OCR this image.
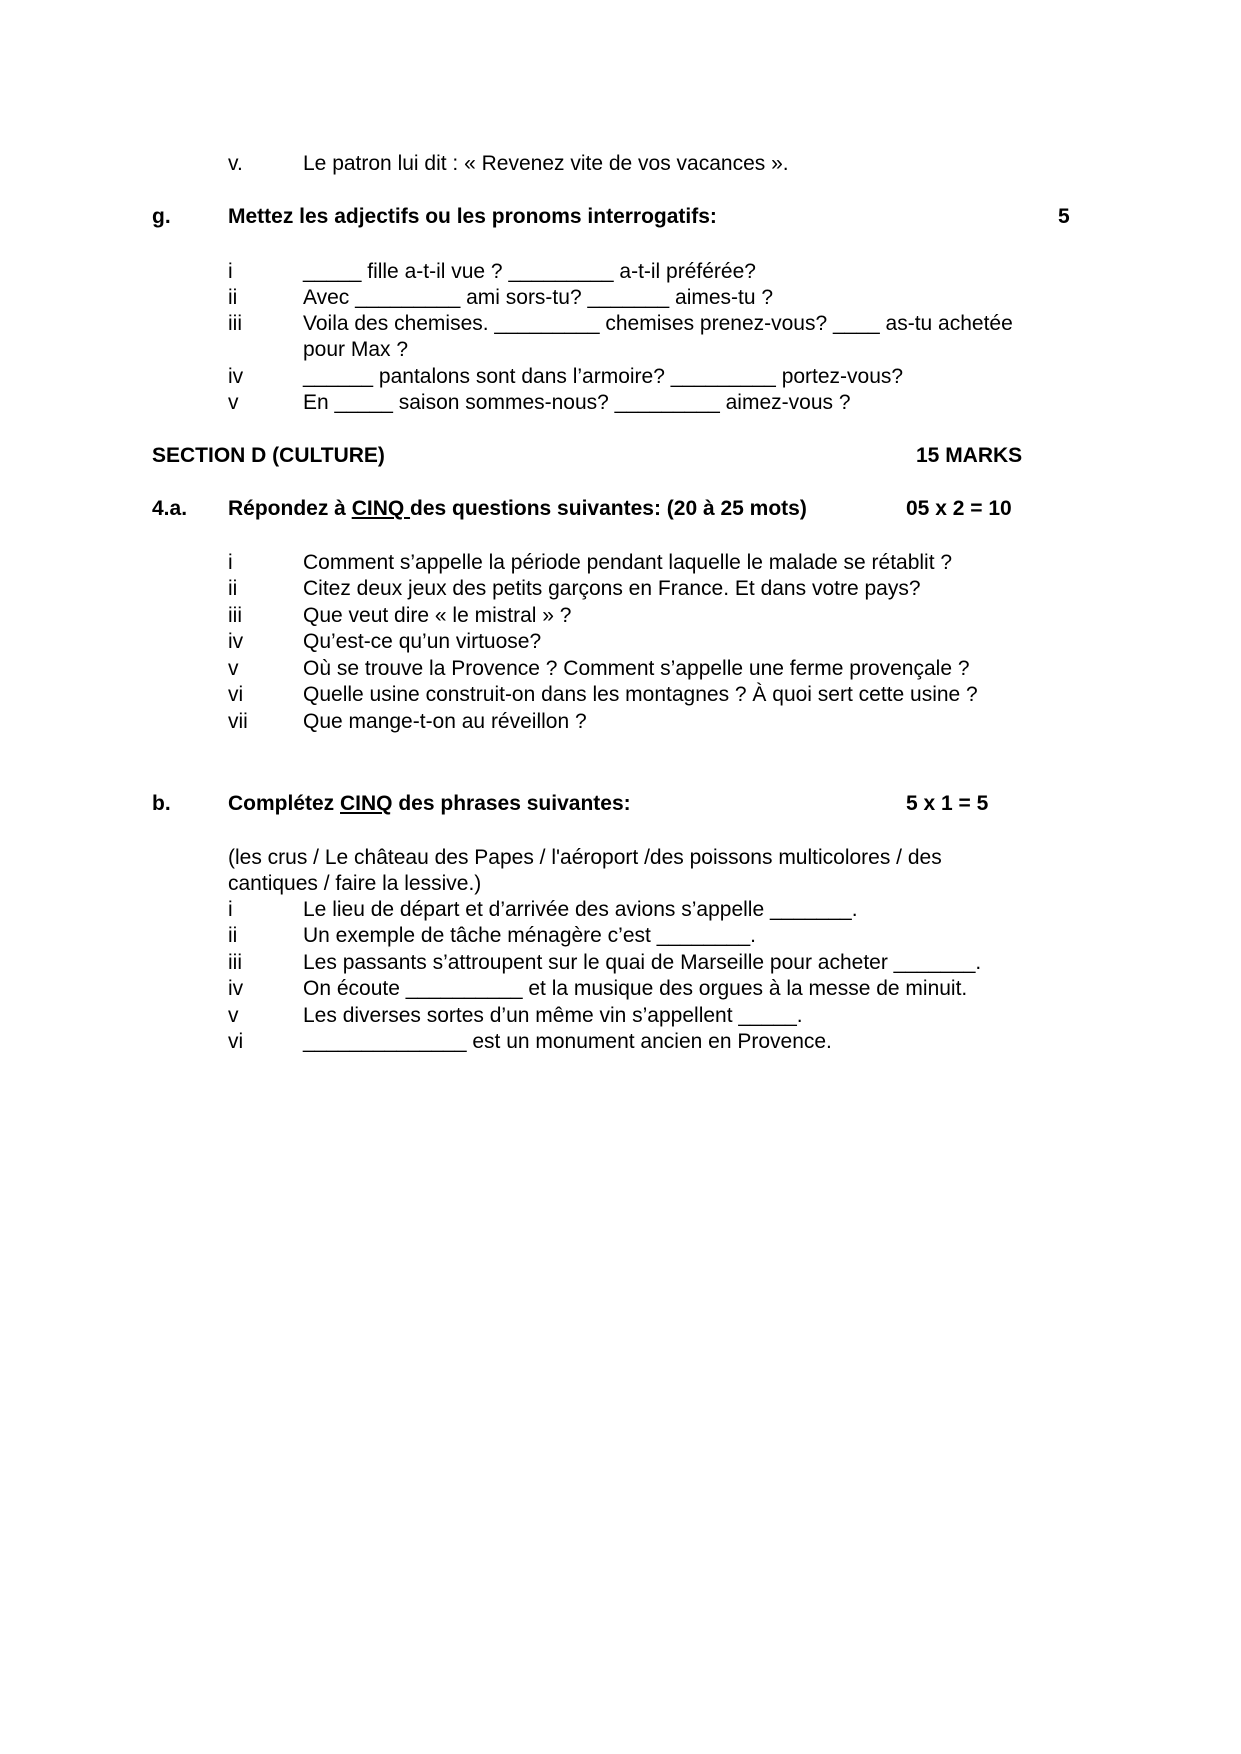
v.	Le patron lui dit : « Revenez vite de vos vacances ».
g.	Mettez les adjectifs ou les pronoms interrogatifs:	5
i	_____ fille a-t-il vue ? _________ a-t-il préférée?
ii	Avec _________ ami sors-tu? _______ aimes-tu ?
iii	Voila des chemises. _________ chemises prenez-vous? ____ as-tu achetée
pour Max ?
iv	______ pantalons sont dans l’armoire? _________ portez-vous?
v	En _____ saison sommes-nous? _________ aimez-vous ?
SECTION D (CULTURE)	15 MARKS
4.a. Répondez à CINQ des questions suivantes: (20 à 25 mots)	05 x 2 = 10
i	Comment s’appelle la période pendant laquelle le malade se rétablit ?
ii	Citez deux jeux des petits garçons en France. Et dans votre pays?
iii	Que veut dire « le mistral » ?
iv	Qu’est-ce qu’un virtuose?
v	Où se trouve la Provence ? Comment s’appelle une ferme provençale ?
vi	Quelle usine construit-on dans les montagnes ? À quoi sert cette usine ?
vii	Que mange-t-on au réveillon ?
b.	Complétez CINQ des phrases suivantes:	5 x 1 = 5
(les crus / Le château des Papes / l'aéroport /des poissons multicolores / des
cantiques / faire la lessive.)
i	Le lieu de départ et d’arrivée des avions s’appelle _______.
ii	Un exemple de tâche ménagère c’est ________.
iii	Les passants s’attroupent sur le quai de Marseille pour acheter _______.
iv	On écoute __________ et la musique des orgues à la messe de minuit.
v	Les diverses sortes d’un même vin s’appellent _____.
vi	______________ est un monument ancien en Provence.
